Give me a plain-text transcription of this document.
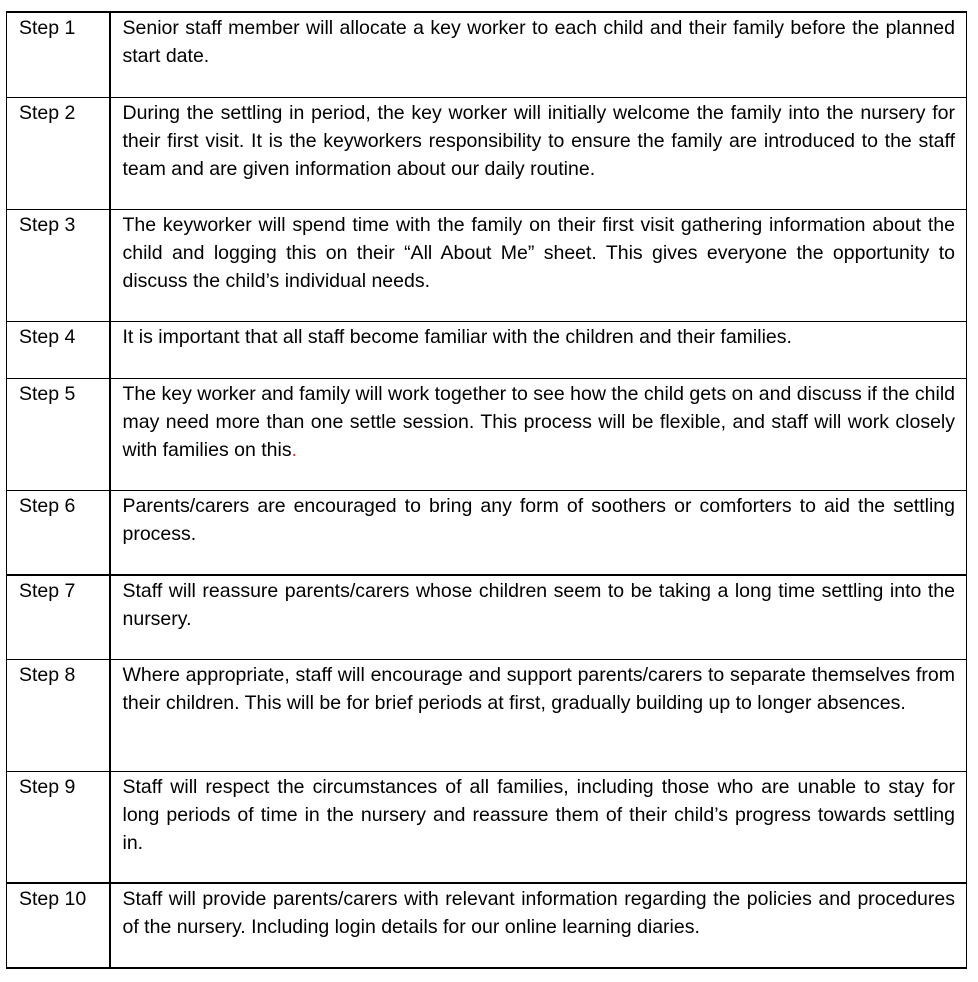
Step 1	Senior staff member will allocate a key worker to each child and their family before the planned start date.
Step 2	During the settling in period, the key worker will initially welcome the family into the nursery for their first visit. It is the keyworkers responsibility to ensure the family are introduced to the staff team and are given information about our daily routine.
Step 3	The keyworker will spend time with the family on their first visit gathering information about the child and logging this on their “All About Me” sheet. This gives everyone the opportunity to discuss the child’s individual needs.
Step 4	It is important that all staff become familiar with the children and their families.
Step 5	The key worker and family will work together to see how the child gets on and discuss if the child may need more than one settle session. This process will be flexible, and staff will work closely with families on this.
Step 6	Parents/carers are encouraged to bring any form of soothers or comforters to aid the settling process.
Step 7	Staff will reassure parents/carers whose children seem to be taking a long time settling into the nursery.
Step 8	Where appropriate, staff will encourage and support parents/carers to separate themselves from their children. This will be for brief periods at first, gradually building up to longer absences.
Step 9	Staff will respect the circumstances of all families, including those who are unable to stay for long periods of time in the nursery and reassure them of their child’s progress towards settling in.
Step 10	Staff will provide parents/carers with relevant information regarding the policies and procedures of the nursery. Including login details for our online learning diaries.
